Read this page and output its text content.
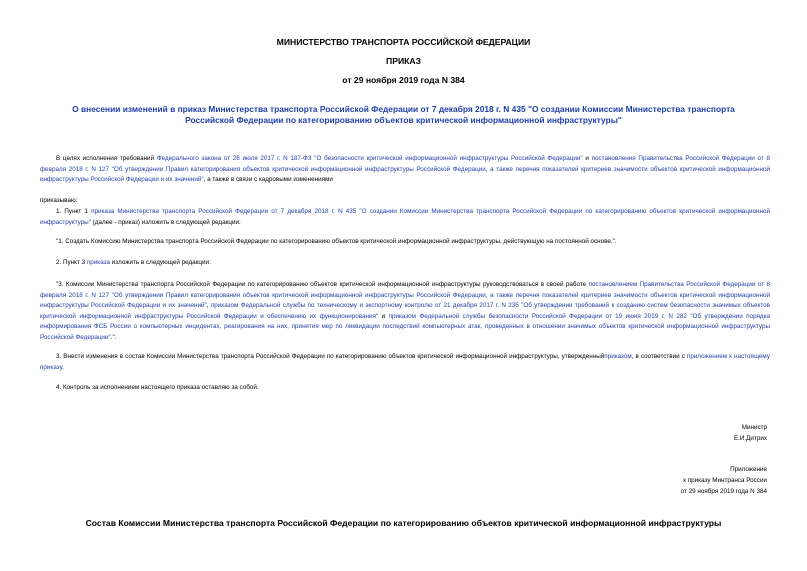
МИНИСТЕРСТВО ТРАНСПОРТА РОССИЙСКОЙ ФЕДЕРАЦИИ
ПРИКАЗ
от 29 ноября 2019 года N 384
О внесении изменений в приказ Министерства транспорта Российской Федерации от 7 декабря 2018 г. N 435 "О создании Комиссии Министерства транспорта Российской Федерации по категорированию объектов критической информационной инфраструктуры"
В целях исполнения требований Федерального закона от 26 июля 2017 г. N 187-ФЗ "О безопасности критической информационной инфраструктуры Российской Федерации" и постановления Правительства Российской Федерации от 8 февраля 2018 г. N 127 "Об утверждении Правил категорирования объектов критической информационной инфраструктуры Российской Федерации, а также перечня показателей критериев значимости объектов критической информационной инфраструктуры Российской Федерации и их значений", а также в связи с кадровыми изменениями
приказываю:
1. Пункт 1 приказа Министерства транспорта Российской Федерации от 7 декабря 2018 г. N 435 "О создании Комиссии Министерства транспорта Российской Федерации по категорированию объектов критической информационной инфраструктуры" (далее - приказ) изложить в следующей редакции:
"1. Создать Комиссию Министерства транспорта Российской Федерации по категорированию объектов критической информационной инфраструктуры, действующую на постоянной основе.".
2. Пункт 3 приказа изложить в следующей редакции:
"3. Комиссии Министерства транспорта Российской Федерации по категорированию объектов критической информационной инфраструктуры руководствоваться в своей работе постановлением Правительства Российской Федерации от 8 февраля 2018 г. N 127 "Об утверждении Правил категорирования объектов критической информационной инфраструктуры Российской Федерации, а также перечня показателей критериев значимости объектов критической информационной инфраструктуры Российской Федерации и их значений", приказом Федеральной службы по техническому и экспортному контролю от 21 декабря 2017 г. N 235 "Об утверждении требований к созданию систем безопасности значимых объектов критической информационной инфраструктуры Российской Федерации и обеспечению их функционирования" и приказом Федеральной службы безопасности Российской Федерации от 19 июня 2019 г. N 282 "Об утверждении порядка информирования ФСБ России о компьютерных инцидентах, реагирования на них, принятия мер по ликвидации последствий компьютерных атак, проведенных в отношении значимых объектов критической информационной инфраструктуры Российской Федерации".".
3. Внести изменения в состав Комиссии Министерства транспорта Российской Федерации по категорированию объектов критической информационной инфраструктуры, утвержденныйприказом, в соответствии с приложением к настоящему приказу.
4. Контроль за исполнением настоящего приказа оставляю за собой.
Министр
Е.И.Дитрих
Приложение
к приказу Минтранса России
от 29 ноября 2019 года N 384
Состав Комиссии Министерства транспорта Российской Федерации по категорированию объектов критической информационной инфраструктуры
